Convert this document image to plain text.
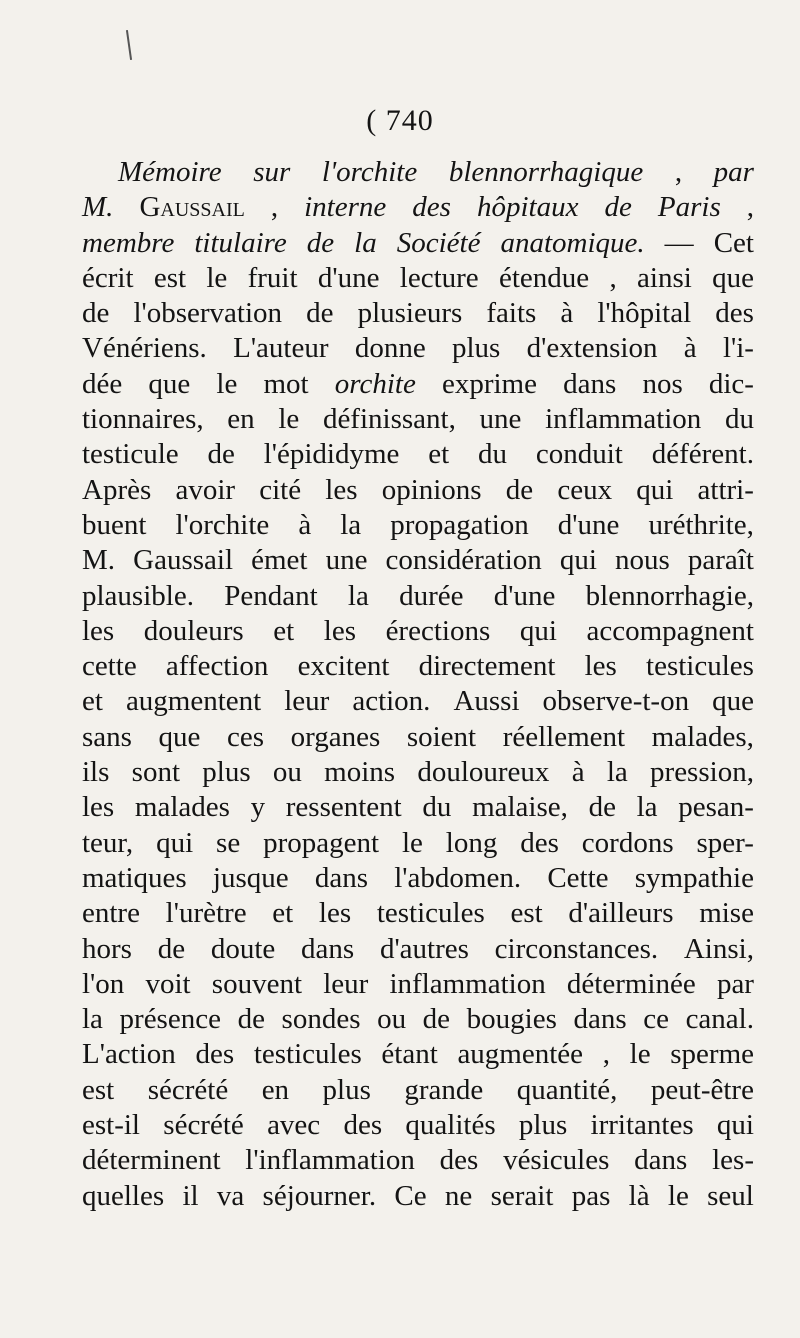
( 740
Mémoire sur l'orchite blennorrhagique , par
M. Gaussail , interne des hôpitaux de Paris ,
membre titulaire de la Société anatomique. — Cet
écrit est le fruit d'une lecture étendue , ainsi que
de l'observation de plusieurs faits à l'hôpital des
Vénériens. L'auteur donne plus d'extension à l'i-
dée que le mot orchite exprime dans nos dic-
tionnaires, en le définissant, une inflammation du
testicule de l'épididyme et du conduit déférent.
Après avoir cité les opinions de ceux qui attri-
buent l'orchite à la propagation d'une uréthrite,
M. Gaussail émet une considération qui nous paraît
plausible. Pendant la durée d'une blennorrhagie,
les douleurs et les érections qui accompagnent
cette affection excitent directement les testicules
et augmentent leur action. Aussi observe-t-on que
sans que ces organes soient réellement malades,
ils sont plus ou moins douloureux à la pression,
les malades y ressentent du malaise, de la pesan-
teur, qui se propagent le long des cordons sper-
matiques jusque dans l'abdomen. Cette sympathie
entre l'urètre et les testicules est d'ailleurs mise
hors de doute dans d'autres circonstances. Ainsi,
l'on voit souvent leur inflammation déterminée par
la présence de sondes ou de bougies dans ce canal.
L'action des testicules étant augmentée , le sperme
est sécrété en plus grande quantité, peut-être
est-il sécrété avec des qualités plus irritantes qui
déterminent l'inflammation des vésicules dans les-
quelles il va séjourner. Ce ne serait pas là le seul
